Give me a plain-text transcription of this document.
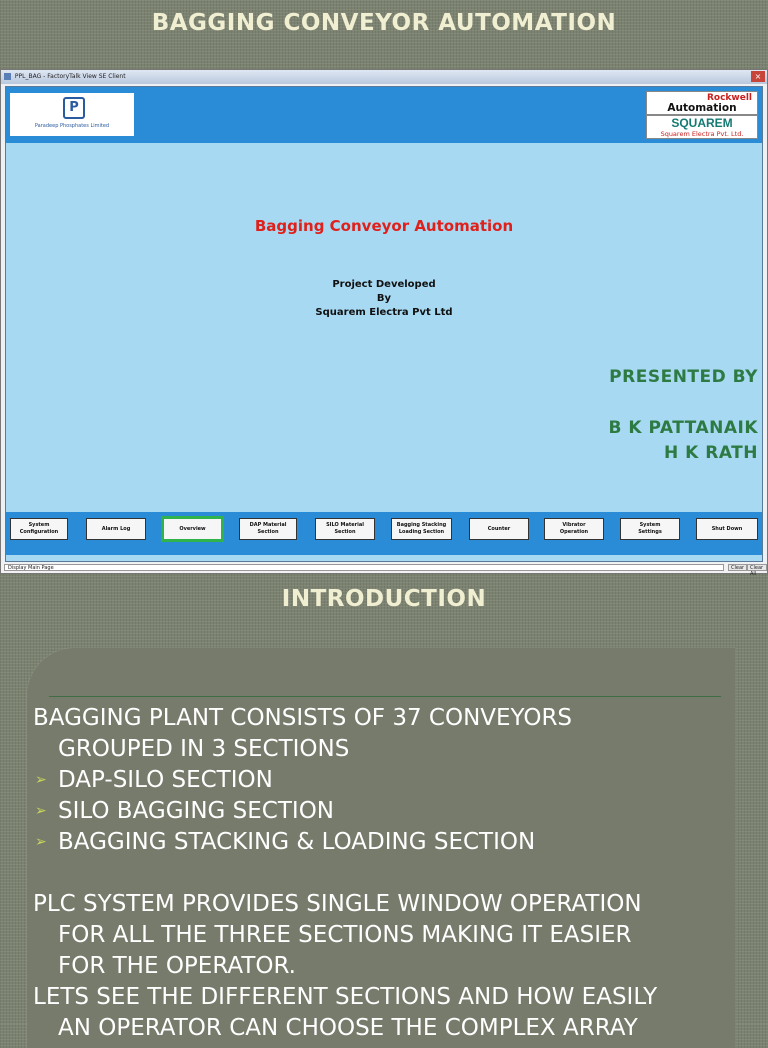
BAGGING CONVEYOR AUTOMATION
PPL_BAG - FactoryTalk View SE Client	×
P
Paradeep Phosphates Limited
Rockwell
Automation
SQUAREM
Squarem Electra Pvt. Ltd.
Bagging Conveyor Automation
Project Developed
By
Squarem Electra Pvt Ltd
PRESENTED BY
B K PATTANAIK
H K RATH
System
Configuration
Alarm Log	Overview
DAP Material
Section
SILO Material
Section
Bagging Stacking
Loading Section
Counter
Vibrator
Operation
System
Settings
Shut Down
Display Main Page	Clear	Clear All
INTRODUCTION
BAGGING PLANT CONSISTS OF 37 CONVEYORS
GROUPED IN 3 SECTIONS
➢ DAP-SILO SECTION
➢ SILO BAGGING SECTION
➢ BAGGING STACKING & LOADING SECTION
PLC SYSTEM PROVIDES SINGLE WINDOW OPERATION
FOR ALL THE THREE SECTIONS MAKING IT EASIER
FOR THE OPERATOR.
LETS SEE THE DIFFERENT SECTIONS AND HOW EASILY
AN OPERATOR CAN CHOOSE THE COMPLEX ARRAY
